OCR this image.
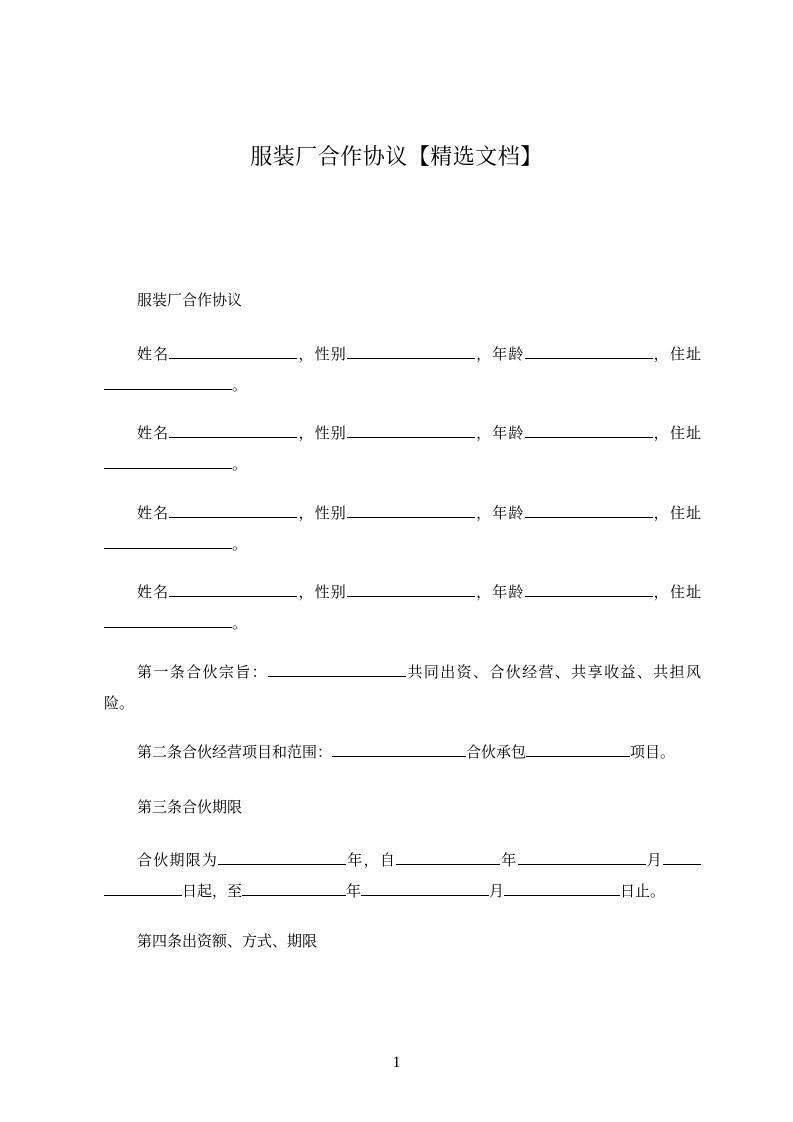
服装厂合作协议【精选文档】
服装厂合作协议
姓名	，性别	，年龄	，住址
。
姓名	，性别	，年龄	，住址
。
姓名	，性别	，年龄	，住址
。
姓名	，性别	，年龄	，住址
。
第一条合伙宗旨：	共同出资、合伙经营、共享收益、共担风
险。
第二条合伙经营项目和范围：	合伙承包	项目。
第三条合伙期限
合伙期限为	年，自	年	月
日起，至	年	月	日止。
第四条出资额、方式、期限
1
